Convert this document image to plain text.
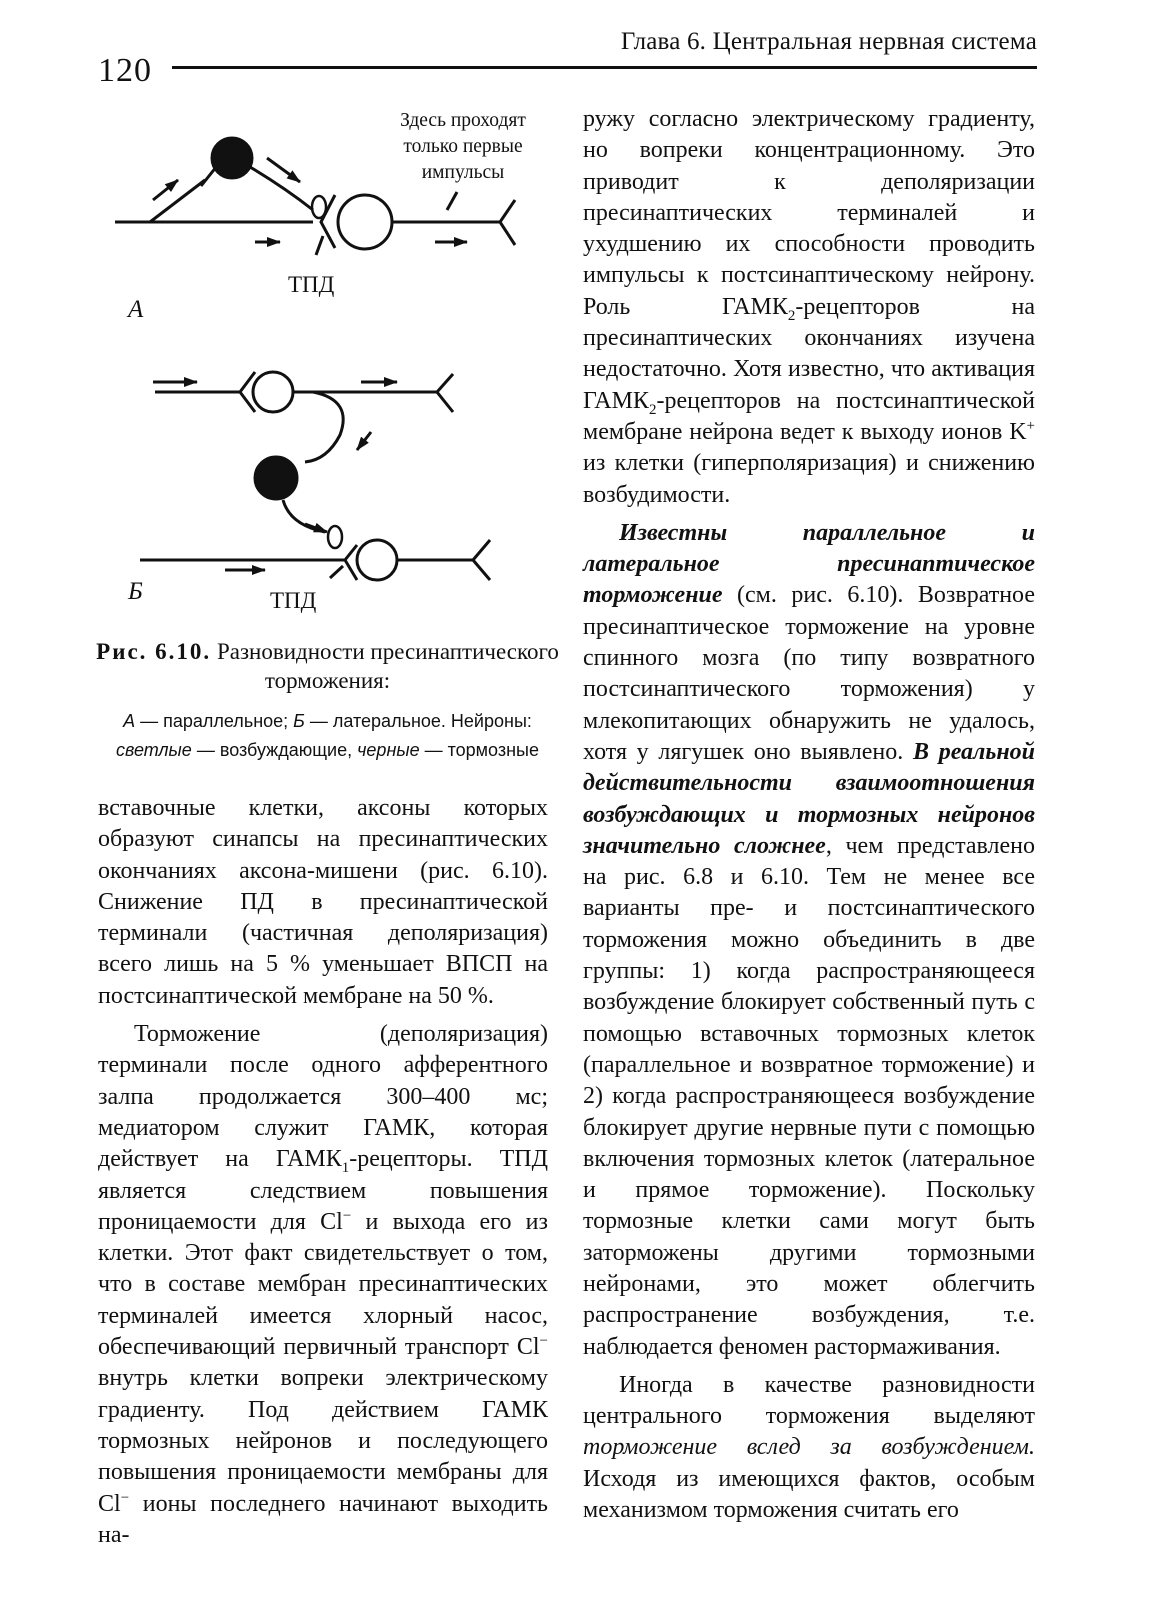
120
Глава 6. Центральная нервная система
Здесь проходят
только первые
импульсы
ТПД
А
ТПД
Б
Рис. 6.10. Разновидности пресинаптического торможения:
А — параллельное; Б — латеральное. Нейроны: светлые — возбуждающие, черные — тормозные

вставочные клетки, аксоны которых образуют синапсы на пресинаптических окончаниях аксона-мишени (рис. 6.10). Снижение ПД в пресинаптической терминали (частичная деполяризация) всего лишь на 5 % уменьшает ВПСП на постсинаптической мембране на 50 %.

Торможение (деполяризация) терминали после одного афферентного залпа продолжается 300–400 мс; медиатором служит ГАМК, которая действует на $ГАМК_1$-рецепторы. ТПД является следствием повышения проницаемости для Cl− и выхода его из клетки. Этот факт свидетельствует о том, что в составе мембран пресинаптических терминалей имеется хлорный насос, обеспечивающий первичный транспорт Cl− внутрь клетки вопреки электрическому градиенту. Под действием ГАМК тормозных нейронов и последующего повышения проницаемости мембраны для Cl− ионы последнего начинают выходить на-

ружу согласно электрическому градиенту, но вопреки концентрационному. Это приводит к деполяризации пресинаптических терминалей и ухудшению их способности проводить импульсы к постсинаптическому нейрону. Роль $ГАМК_2$-рецепторов на пресинаптических окончаниях изучена недостаточно. Хотя известно, что активация $ГАМК_2$-рецепторов на постсинаптической мембране нейрона ведет к выходу ионов K+ из клетки (гиперполяризация) и снижению возбудимости.

Известны параллельное и латеральное пресинаптическое торможение (см. рис. 6.10). Возвратное пресинаптическое торможение на уровне спинного мозга (по типу возвратного постсинаптического торможения) у млекопитающих обнаружить не удалось, хотя у лягушек оно выявлено. В реальной действительности взаимоотношения возбуждающих и тормозных нейронов значительно сложнее, чем представлено на рис. 6.8 и 6.10. Тем не менее все варианты пре- и постсинаптического торможения можно объединить в две группы: 1) когда распространяющееся возбуждение блокирует собственный путь с помощью вставочных тормозных клеток (параллельное и возвратное торможение) и 2) когда распространяющееся возбуждение блокирует другие нервные пути с помощью включения тормозных клеток (латеральное и прямое торможение). Поскольку тормозные клетки сами могут быть заторможены другими тормозными нейронами, это может облегчить распространение возбуждения, т.е. наблюдается феномен растормаживания.

Иногда в качестве разновидности центрального торможения выделяют торможение вслед за возбуждением. Исходя из имеющихся фактов, особым механизмом торможения считать его
